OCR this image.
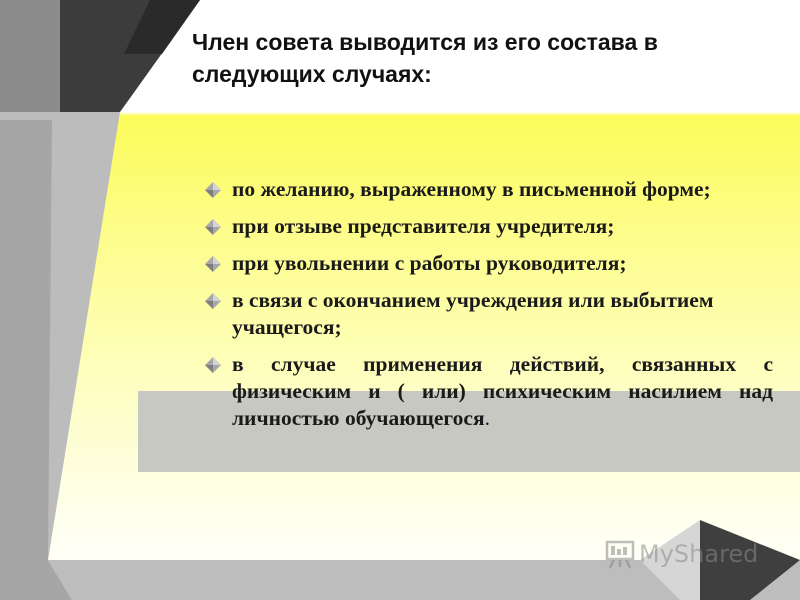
Член совета выводится из его состава в следующих случаях:
по желанию, выраженному в письменной форме;
при отзыве представителя учредителя;
при увольнении с работы руководителя;
в связи с окончанием учреждения или выбытием учащегося;
в случае применения действий, связанных с физическим и ( или) психическим насилием над личностью обучающегося.
MyShared
